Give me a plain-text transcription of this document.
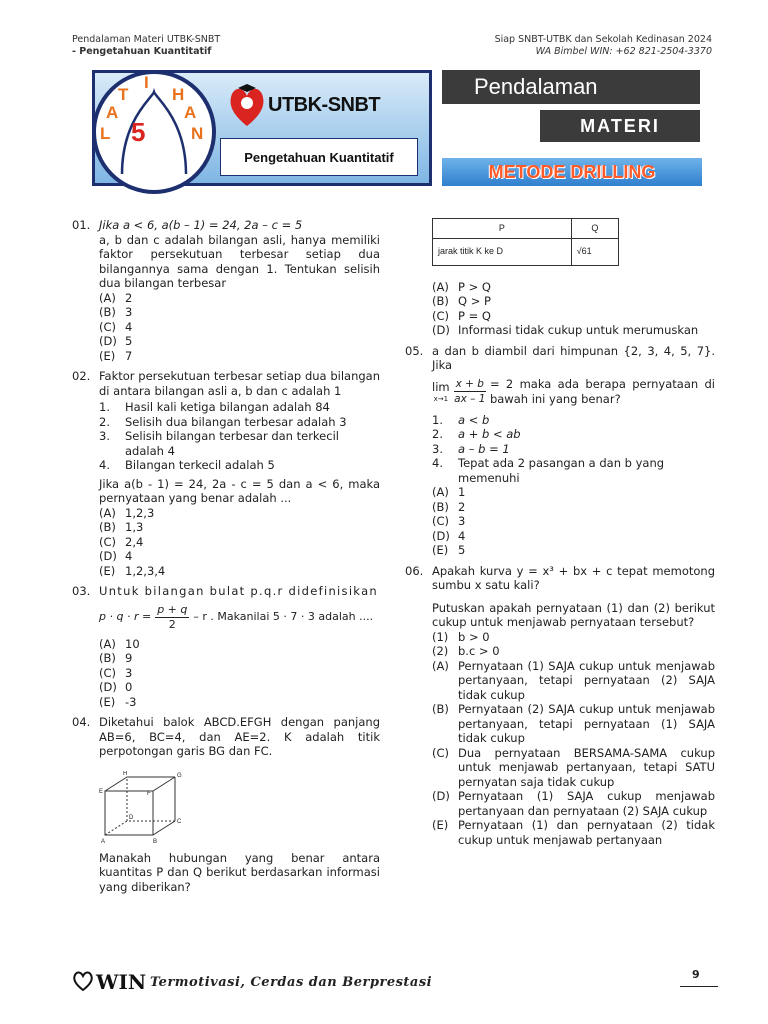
Pendalaman Materi UTBK-SNBT
- Pengetahuan Kuantitatif
Siap SNBT-UTBK dan Sekolah Kedinasan 2024
WA Bimbel WIN: +62 821-2504-3370
T
I
H
A	A
L	N
5
UTBK-SNBT
Pengetahuan Kuantitatif
Pendalaman
MATERI
METODE DRILLING
01. Jika a < 6, a(b – 1) = 24, 2a – c = 5

a, b dan c adalah bilangan asli, hanya memiliki faktor persekutuan terbesar setiap dua bilangannya sama dengan 1. Tentukan selisih dua bilangan terbesar

(A) 2
(B) 3
(C) 4
(D) 5
(E) 7
02. Faktor persekutuan terbesar setiap dua bilangan di antara bilangan asli a, b dan c adalah 1

1.	Hasil kali ketiga bilangan adalah 84
2.	Selisih dua bilangan terbesar adalah 3
3.	Selisih bilangan terbesar dan terkecil adalah 4
4.	Bilangan terkecil adalah 5

Jika a(b - 1) = 24, 2a - c = 5 dan a < 6, maka pernyataan yang benar adalah ...

(A) 1,2,3
(B) 1,3
(C) 2,4
(D) 4
(E) 1,2,3,4
03. Untuk bilangan bulat p.q.r didefinisikan

$p \cdot q \cdot r = \frac{p + q}{2} - r$ . Makanilai 5 · 7 · 3 adalah ....
(A) 10
(B) 9
(C) 3
(D) 0
(E) -3
04. Diketahui balok ABCD.EFGH dengan panjang AB=6, BC=4, dan AE=2. K adalah titik perpotongan garis BG dan FC.

H	G
E	F
D
C
A	B

Manakah hubungan yang benar antara kuantitas P dan Q berikut berdasarkan informasi yang diberikan?

P	Q
jarak titik K ke D	√61
(A) P > Q
(B) Q > P
(C) P = Q
(D) Informasi tidak cukup untuk merumuskan
05. a dan b diambil dari himpunan {2, 3, 4, 5, 7}. Jika

lim
$x\to 1 \frac{x + b}{ax - 1} = 2$ maka ada berapa pernyataan di bawah ini yang benar?
1.	a < b
2.	a + b < ab
3.	a – b = 1
4.	Tepat ada 2 pasangan a dan b yang memenuhi
(A) 1
(B) 2
(C) 3
(D) 4
(E) 5
06. Apakah kurva y = x³ + bx + c tepat memotong sumbu x satu kali?

Putuskan apakah pernyataan (1) dan (2) berikut cukup untuk menjawab pernyataan tersebut?

(1) b > 0
(2) b.c > 0
(A) Pernyataan (1) SAJA cukup untuk menjawab pertanyaan, tetapi pernyataan (2) SAJA tidak cukup
(B) Pernyataan (2) SAJA cukup untuk menjawab pertanyaan, tetapi pernyataan (1) SAJA tidak cukup
(C) Dua pernyataan BERSAMA-SAMA cukup untuk menjawab pertanyaan, tetapi SATU pernyatan saja tidak cukup
(D) Pernyataan (1) SAJA cukup menjawab pertanyaan dan pernyataan (2) SAJA cukup
(E) Pernyataan (1) dan pernyataan (2) tidak cukup untuk menjawab pertanyaan
WIN Termotivasi, Cerdas dan Berprestasi
9
